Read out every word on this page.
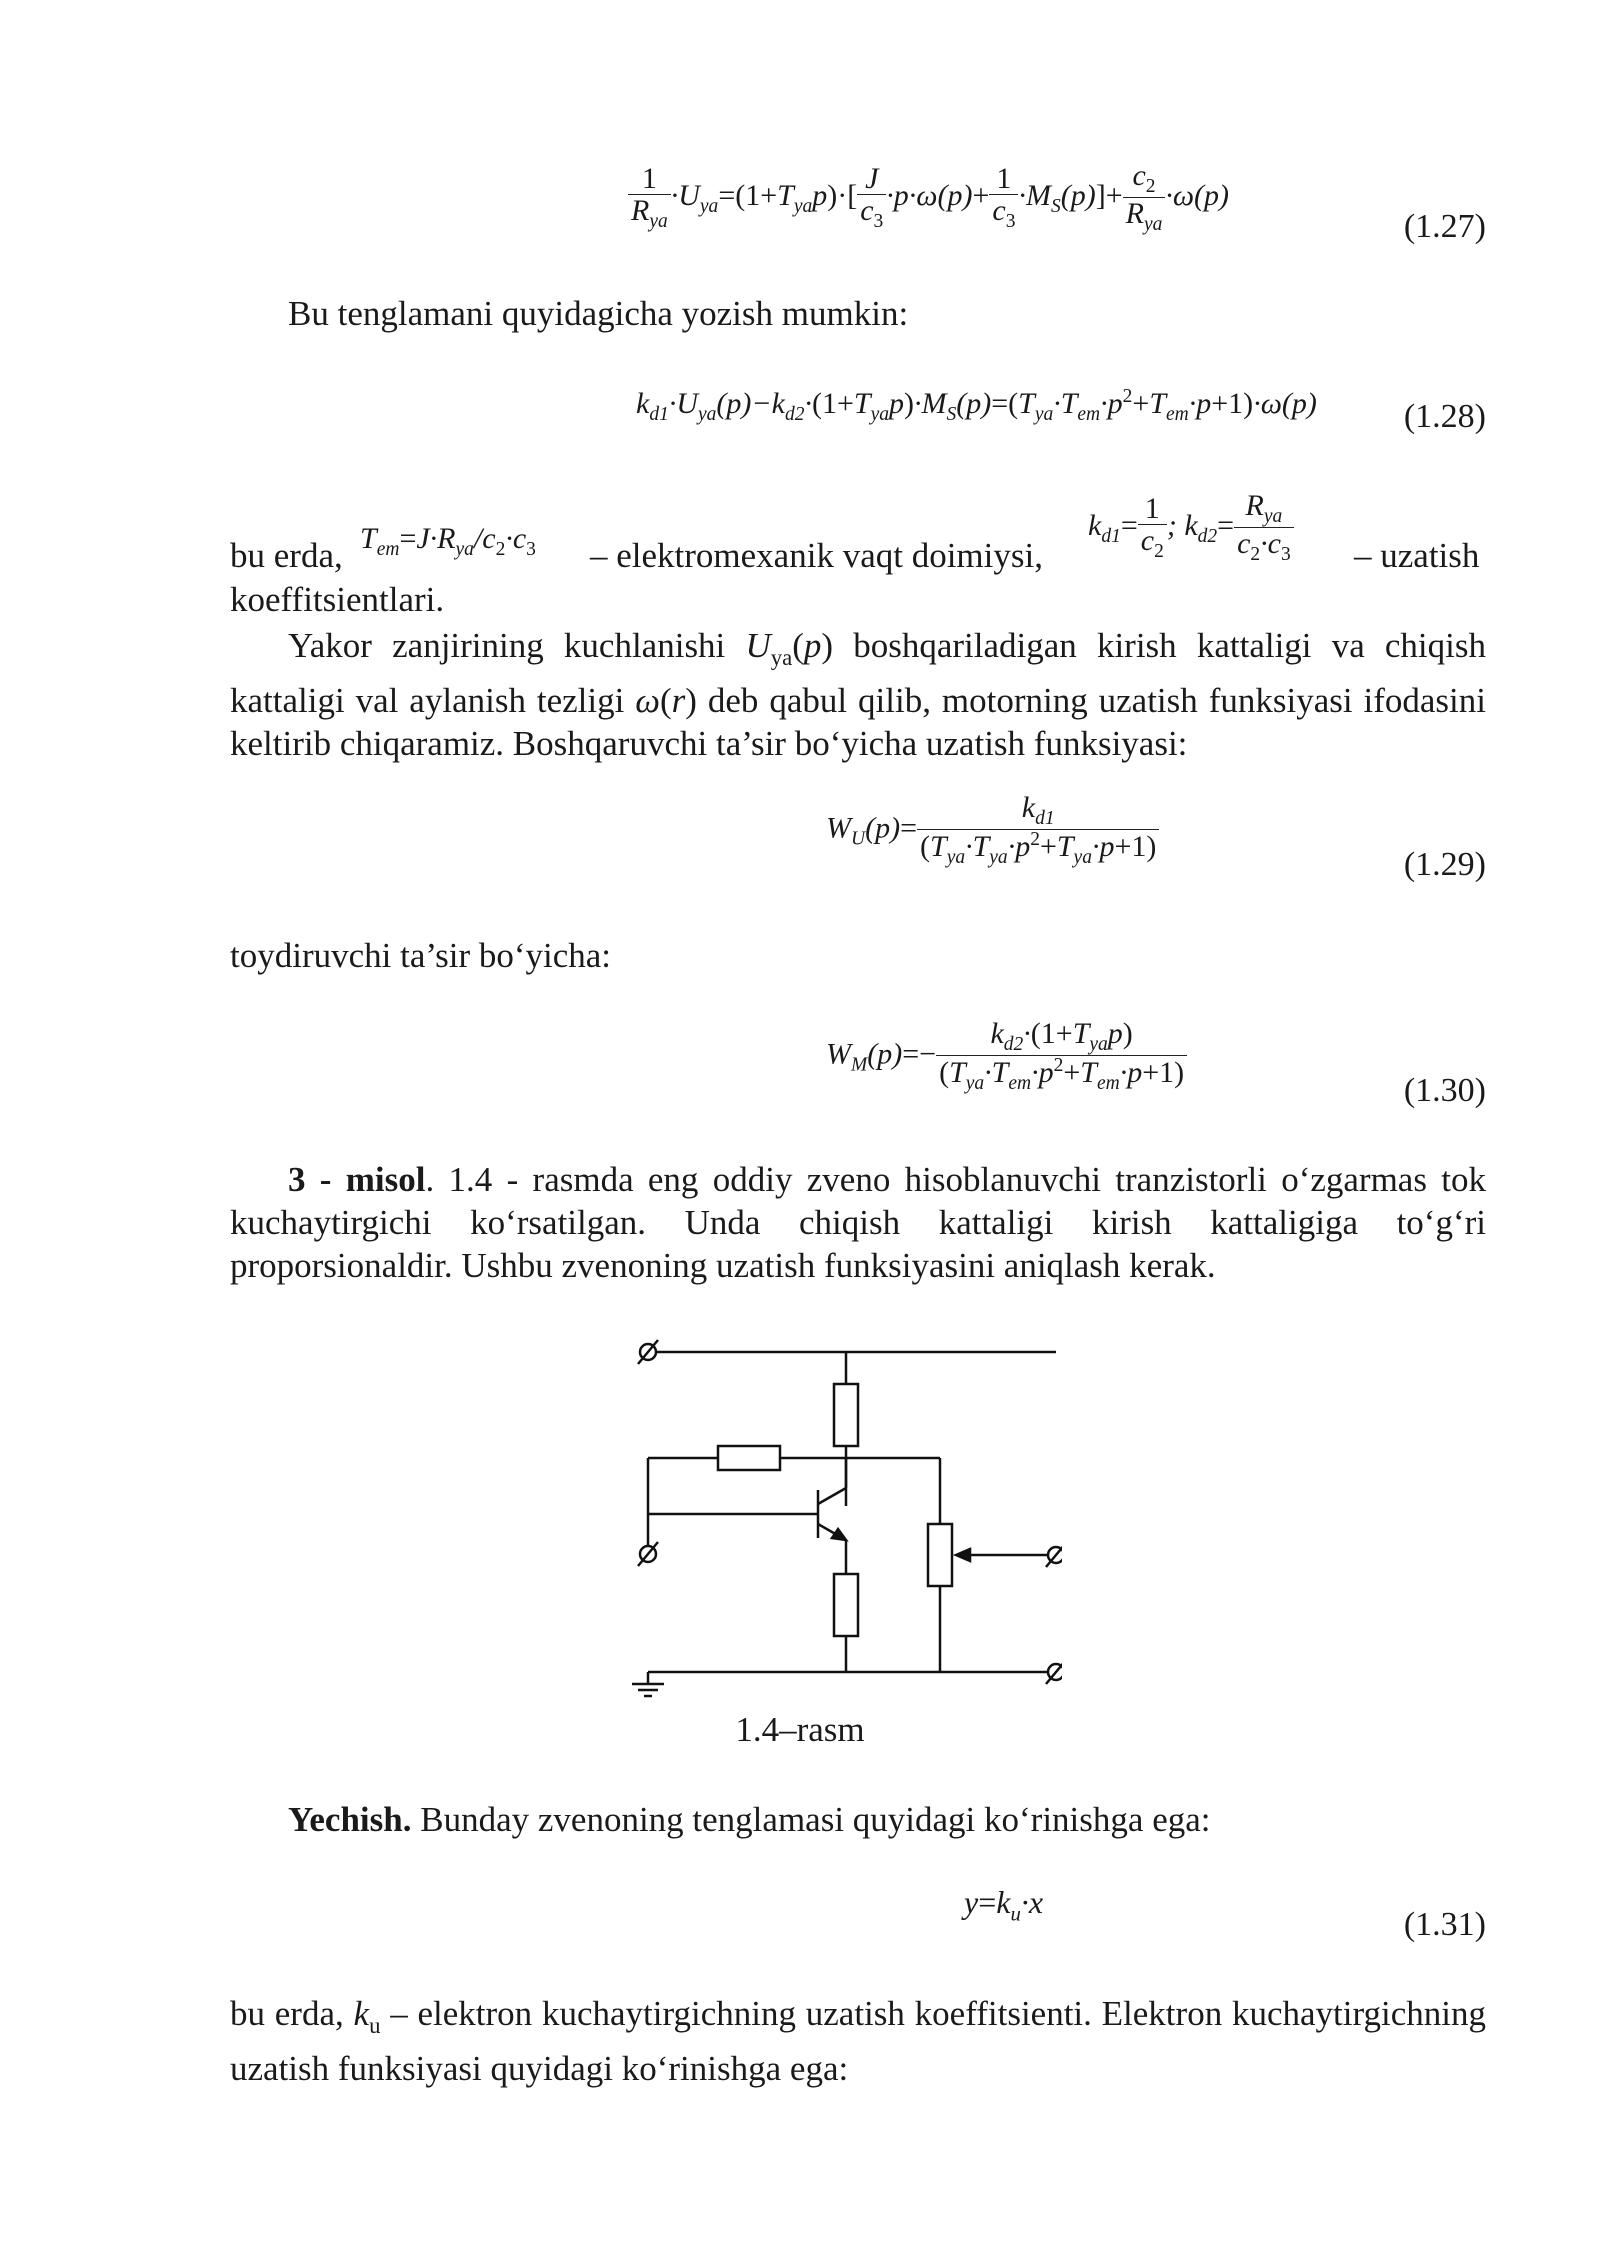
$\frac{1}{R_{ya}} \cdot U_{ya}=(1+T_{ya}p)\cdot[ \frac{J}{c_3} \cdot p\cdot\omega(p)+ \frac{1}{c_3} \cdot M_S(p)]+ \frac{c_2}{R_{ya}} \cdot\omega(p)$
(1.27)
Bu tenglamani quyidagicha yozish mumkin:
$k_{d1}\cdot U_{ya}(p)-k_{d2}\cdot(1+T_{ya}p)\cdot M_S(p)=(T_{ya}\cdot T_{em}\cdot p^2+T_{em}\cdot p+1)\cdot\omega(p)$	(1.28)
bu erda, $T_{em}=J\cdot R_{ya}/c_2\cdot c_3$ – elektromexanik vaqt doimiysi,
$k_{d1}= \frac{1}{c_2}$ ; $k_{d2}= \frac{R_{ya}}{c_2\cdot c_3}$ – uzatish
koeffitsientlari.
Yakor zanjirining kuchlanishi $U_{ya}(p)$ boshqariladigan kirish kattaligi va chiqish kattaligi val aylanish tezligi ω(r) deb qabul qilib, motorning uzatish funksiyasi ifodasini keltirib chiqaramiz. Boshqaruvchi ta’sir bo‘yicha uzatish funksiyasi:
$W_U(p)= \frac{k_{d1}}{(T_{ya}\cdot T_{ya}\cdot p^2+T_{ya}\cdot p+1)}$	(1.29)
toydiruvchi ta’sir bo‘yicha:
$W_M(p)=- \frac{k_{d2}\cdot(1+T_{ya}p)}{(T_{ya}\cdot T_{em}\cdot p^2+T_{em}\cdot p+1)}$	(1.30)
3 - misol. 1.4 - rasmda eng oddiy zveno hisoblanuvchi tranzistorli o‘zgarmas tok kuchaytirgichi ko‘rsatilgan. Unda chiqish kattaligi kirish kattaligiga to‘g‘ri proporsionaldir. Ushbu zvenoning uzatish funksiyasini aniqlash kerak.
1.4–rasm
Yechish. Bunday zvenoning tenglamasi quyidagi ko‘rinishga ega:
$y=k_u\cdot x$
(1.31)
bu erda, $k_u$ – elektron kuchaytirgichning uzatish koeffitsienti. Elektron kuchaytirgichning uzatish funksiyasi quyidagi ko‘rinishga ega:
